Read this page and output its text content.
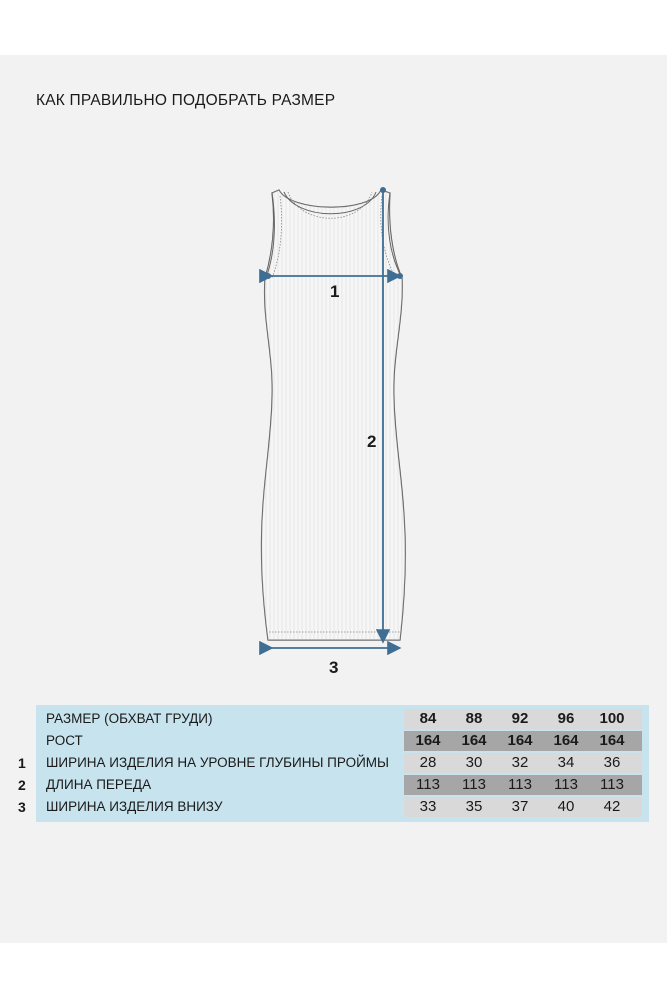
КАК ПРАВИЛЬНО ПОДОБРАТЬ РАЗМЕР
1
2
3
РАЗМЕР (ОБХВАТ ГРУДИ)	84	88	92	96	100
РОСТ	164	164	164	164	164
ШИРИНА ИЗДЕЛИЯ НА УРОВНЕ ГЛУБИНЫ ПРОЙМЫ	28	30	32	34	36
ДЛИНА ПЕРЕДА	113	113	113	113	113
ШИРИНА ИЗДЕЛИЯ ВНИЗУ	33	35	37	40	42
1
2
3
